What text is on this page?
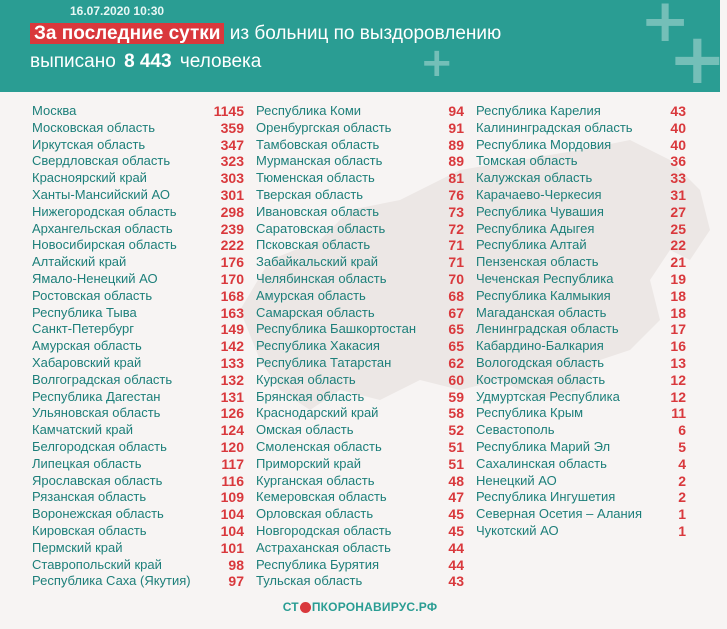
+
+
+
16.07.2020 10:30
За последние сутки из больниц по выздоровлению
выписано 8 443 человека
Москва	1145
Московская область	359
Иркутская область	347
Свердловская область	323
Красноярский край	303
Ханты-Мансийский АО	301
Нижегородская область	298
Архангельская область	239
Новосибирская область	222
Алтайский край	176
Ямало-Ненецкий АО	170
Ростовская область	168
Республика Тыва	163
Санкт-Петербург	149
Амурская область	142
Хабаровский край	133
Волгоградская область	132
Республика Дагестан	131
Ульяновская область	126
Камчатский край	124
Белгородская область	120
Липецкая область	117
Ярославская область	116
Рязанская область	109
Воронежская область	104
Кировская область	104
Пермский край	101
Ставропольский край	98
Республика Саха (Якутия)	97
Республика Коми	94
Оренбургская область	91
Тамбовская область	89
Мурманская область	89
Тюменская область	81
Тверская область	76
Ивановская область	73
Саратовская область	72
Псковская область	71
Забайкальский край	71
Челябинская область	70
Амурская область	68
Самарская область	67
Республика Башкортостан 65
Республика Хакасия	65
Республика Татарстан	62
Курская область	60
Брянская область	59
Краснодарский край	58
Омская область	52
Смоленская область	51
Приморский край	51
Курганская область	48
Кемеровская область	47
Орловская область	45
Новгородская область	45
Астраханская область	44
Республика Бурятия	44
Тульская область	43
Республика Карелия	43
Калининградская область	40
Республика Мордовия	40
Томская область	36
Калужская область	33
Карачаево-Черкесия	31
Республика Чувашия	27
Республика Адыгея	25
Республика Алтай	22
Пензенская область	21
Чеченская Республика	19
Республика Калмыкия	18
Магаданская область	18
Ленинградская область	17
Кабардино-Балкария	16
Вологодская область	13
Костромская область	12
Удмуртская Республика	12
Республика Крым	11
Севастополь	6
Республика Марий Эл	5
Сахалинская область	4
Ненецкий АО	2
Республика Ингушетия	2
Северная Осетия – Алания	1
Чукотский АО	1
СТ ПКОРОНАВИРУС.РФ
